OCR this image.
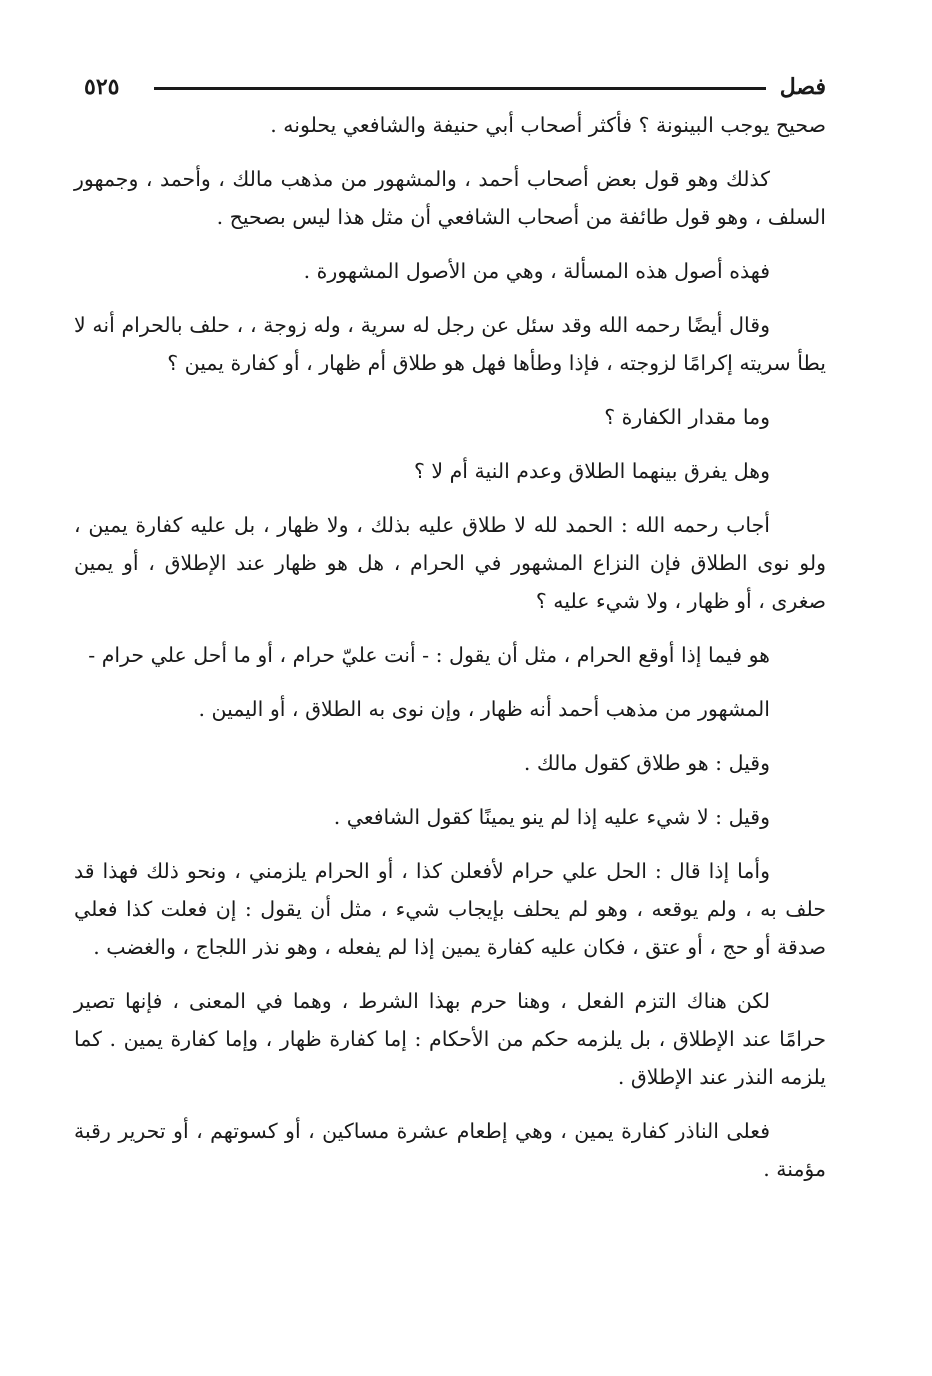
فصل
٥٢٥

صحيح يوجب البينونة ؟ فأكثر أصحاب أبي حنيفة والشافعي يحلونه .

كذلك وهو قول بعض أصحاب أحمد ، والمشهور من مذهب مالك ، وأحمد ، وجمهور السلف ، وهو قول طائفة من أصحاب الشافعي أن مثل هذا ليس بصحيح .

فهذه أصول هذه المسألة ، وهي من الأصول المشهورة .

وقال أيضًا رحمه الله وقد سئل عن رجل له سرية ، وله زوجة ، ، حلف بالحرام أنه لا يطأ سريته إكرامًا لزوجته ، فإذا وطأها فهل هو طلاق أم ظهار ، أو كفارة يمين ؟

وما مقدار الكفارة ؟

وهل يفرق بينهما الطلاق وعدم النية أم لا ؟

أجاب رحمه الله : الحمد لله لا طلاق عليه بذلك ، ولا ظهار ، بل عليه كفارة يمين ، ولو نوى الطلاق فإن النزاع المشهور في الحرام ، هل هو ظهار عند الإطلاق ، أو يمين صغرى ، أو ظهار ، ولا شيء عليه ؟

هو فيما إذا أوقع الحرام ، مثل أن يقول : - أنت عليّ حرام ، أو ما أحل علي حرام -

المشهور من مذهب أحمد أنه ظهار ، وإن نوى به الطلاق ، أو اليمين .

وقيل : هو طلاق كقول مالك .

وقيل : لا شيء عليه إذا لم ينو يمينًا كقول الشافعي .

وأما إذا قال : الحل علي حرام لأفعلن كذا ، أو الحرام يلزمني ، ونحو ذلك فهذا قد حلف به ، ولم يوقعه ، وهو لم يحلف بإيجاب شيء ، مثل أن يقول : إن فعلت كذا فعلي صدقة أو حج ، أو عتق ، فكان عليه كفارة يمين إذا لم يفعله ، وهو نذر اللجاج ، والغضب .

لكن هناك التزم الفعل ، وهنا حرم بهذا الشرط ، وهما في المعنى ، فإنها تصير حرامًا عند الإطلاق ، بل يلزمه حكم من الأحكام : إما كفارة ظهار ، وإما كفارة يمين . كما يلزمه النذر عند الإطلاق .

فعلى الناذر كفارة يمين ، وهي إطعام عشرة مساكين ، أو كسوتهم ، أو تحرير رقبة مؤمنة .
